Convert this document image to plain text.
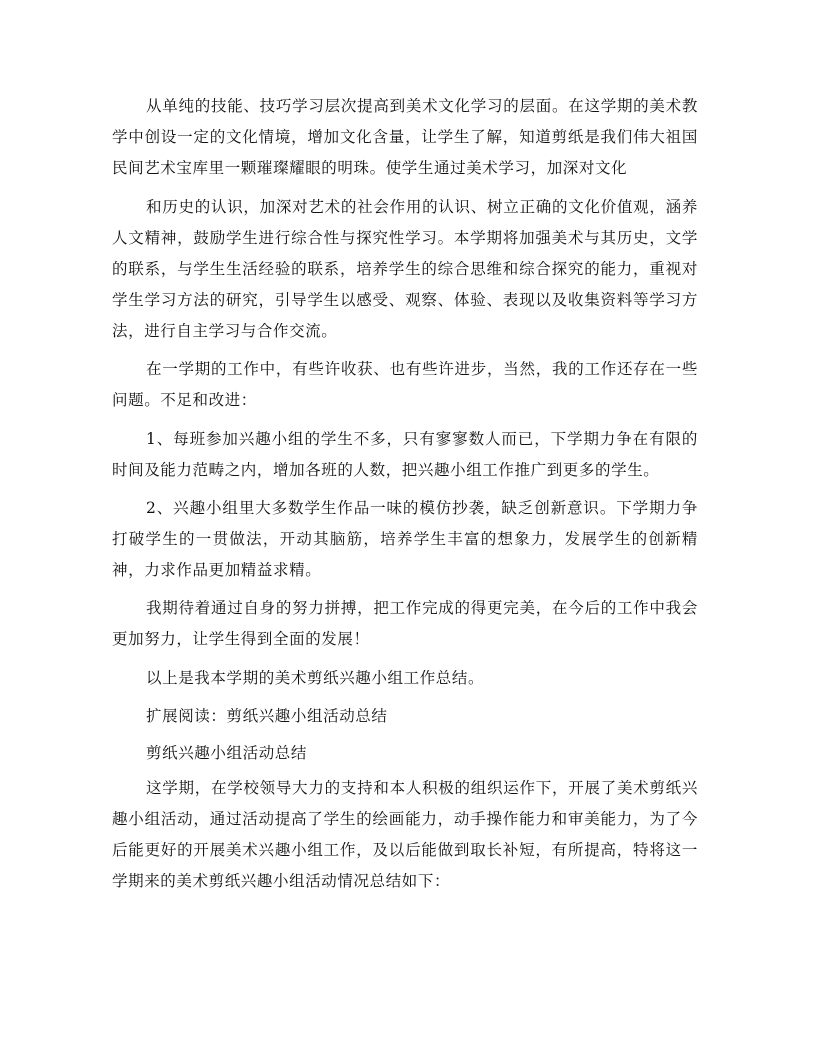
从单纯的技能、技巧学习层次提高到美术文化学习的层面。在这学期的美术教学中创设一定的文化情境，增加文化含量，让学生了解，知道剪纸是我们伟大祖国民间艺术宝库里一颗璀璨耀眼的明珠。使学生通过美术学习，加深对文化

和历史的认识，加深对艺术的社会作用的认识、树立正确的文化价值观，涵养人文精神，鼓励学生进行综合性与探究性学习。本学期将加强美术与其历史，文学的联系，与学生生活经验的联系，培养学生的综合思维和综合探究的能力，重视对学生学习方法的研究，引导学生以感受、观察、体验、表现以及收集资料等学习方法，进行自主学习与合作交流。

在一学期的工作中，有些许收获、也有些许进步，当然，我的工作还存在一些问题。不足和改进：

1、每班参加兴趣小组的学生不多，只有寥寥数人而已，下学期力争在有限的时间及能力范畴之内，增加各班的人数，把兴趣小组工作推广到更多的学生。

2、兴趣小组里大多数学生作品一味的模仿抄袭，缺乏创新意识。下学期力争打破学生的一贯做法，开动其脑筋，培养学生丰富的想象力，发展学生的创新精神，力求作品更加精益求精。

我期待着通过自身的努力拼搏，把工作完成的得更完美，在今后的工作中我会更加努力，让学生得到全面的发展！

以上是我本学期的美术剪纸兴趣小组工作总结。

扩展阅读：剪纸兴趣小组活动总结

剪纸兴趣小组活动总结

这学期，在学校领导大力的支持和本人积极的组织运作下，开展了美术剪纸兴趣小组活动，通过活动提高了学生的绘画能力，动手操作能力和审美能力，为了今后能更好的开展美术兴趣小组工作，及以后能做到取长补短，有所提高，特将这一学期来的美术剪纸兴趣小组活动情况总结如下：
